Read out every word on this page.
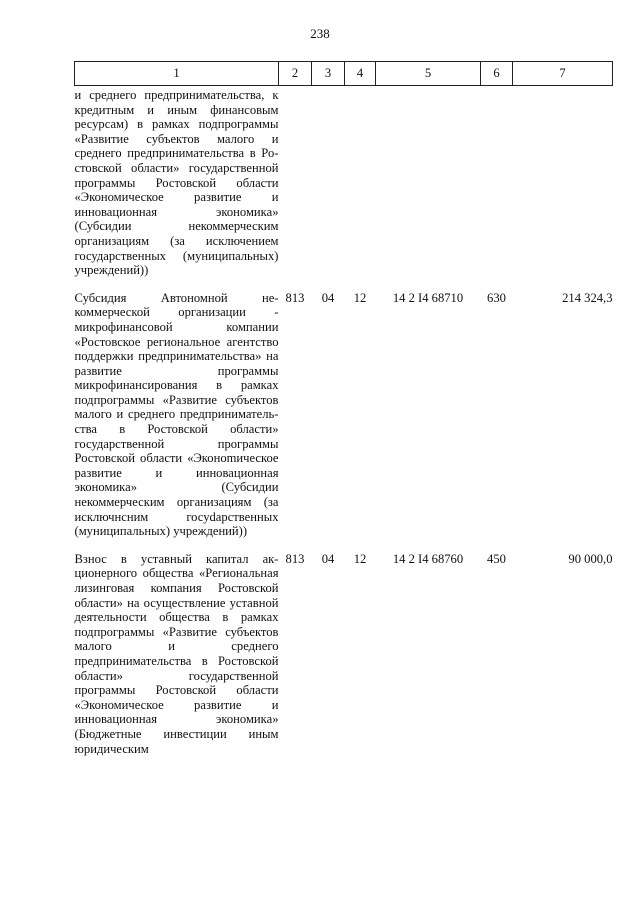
238
1	2	3	4	5	6	7
и среднего предпринимательства, к кредитным и иным финансовым ресурсам) в рамках подпрограммы «Развитие субъектов малого и среднего предпринимательства в Ростовской области» государственной программы Ростовской области «Экономическое развитие и инновационная экономика» (Субсидии некоммерческим организациям (за исключением государственных (муниципальных) учреждений))						
Субсидия Автономной некоммерческой организации - микрофинансовой компании «Ростовское региональное агентство поддержки предпринимательства» на развитие программы микрофинансирования в рамках подпрограммы «Развитие субъектов малого и среднего предпринимательства в Ростовской области» государственной программы Ростовской области «Эконоmическое развитие и инновационная экономика» (Субсидии некоммерческим организациям (за исключнсним госуdарственных (муниципальных) учреждений))	813	04	12	14 2 I4 68710	630	214 324,3
Взнос в уставный капитал акционерного общества «Региональная лизинговая компания Ростовской области» на осуществление уставной деятельности общества в рамках подпрограммы «Развитие субъектов малого и среднего предпринимательства в Ростовской области» государственной программы Ростовской области «Экономическое развитие и инновационная экономика» (Бюджетные инвестиции иным юридическим	813	04	12	14 2 I4 68760	450	90 000,0
